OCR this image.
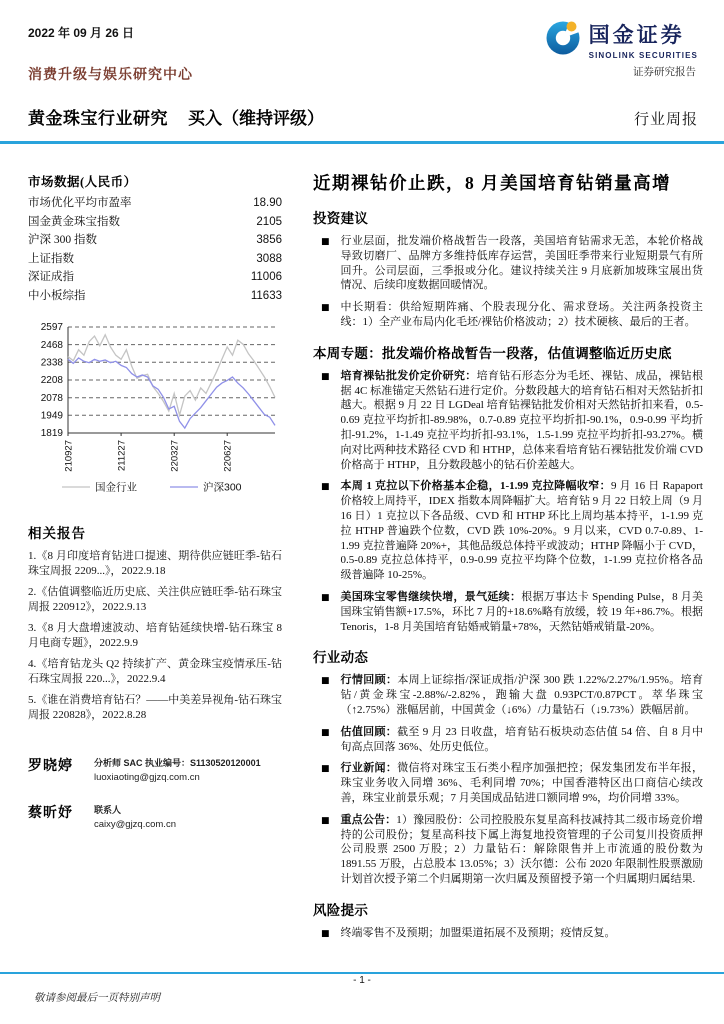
2022 年 09 月 26 日	国金证券
SINOLINK SECURITIES
证券研究报告
消费升级与娱乐研究中心
黄金珠宝行业研究 买入（维持评级）	行业周报
市场数据(人民币）
市场优化平均市盈率	18.90
国金黄金珠宝指数	2105
沪深 300 指数	3856
上证指数	3088
深证成指	11006
中小板综指	11633
2597
2468
2338
2208
2078
1949
1819
210927	211227	220327	220627
国金行业	沪深300
相关报告
1.《8 月印度培育钻进口提速、期待供应链旺季-钻石珠宝周报 2209...》，2022.9.18
2.《估值调整临近历史底、关注供应链旺季-钻石珠宝周报 220912》，2022.9.13
3.《8 月大盘增速波动、培育钻延续快增-钻石珠宝 8 月电商专题》，2022.9.9
4.《培育钻龙头 Q2 持续扩产、黄金珠宝疫情承压-钻石珠宝周报 220...》，2022.9.4
5.《谁在消费培育钻石？——中美差异视角-钻石珠宝周报 220828》，2022.8.28
罗晓婷	分析师 SAC 执业编号：S1130520120001
luoxiaoting@gjzq.com.cn
蔡昕妤	联系人
caixy@gjzq.com.cn
近期裸钻价止跌，8 月美国培育钻销量高增
投资建议
■ 行业层面，批发端价格战暂告一段落，美国培育钻需求无恙，本轮价格战导致切磨厂、品牌方多维持低库存运营，美国旺季带来行业短期景气有所回升。公司层面，三季报或分化。建议持续关注 9 月底新加坡珠宝展出货情况、后续印度数据回暖情况。

■ 中长期看：供给短期阵痛、个股表现分化、需求登场。关注两条投资主线：1）全产业布局内化毛坯/裸钻价格波动；2）技术硬核、最后的王者。

本周专题：批发端价格战暂告一段落，估值调整临近历史底
■ 培育裸钻批发价定价研究：培育钻石形态分为毛坯、裸钻、成品，裸钻根据 4C 标准锚定天然钻石进行定价。分数段越大的培育钻石相对天然钻折扣越大。根据 9 月 22 日 LGDeal 培育钻裸钻批发价相对天然钻折扣来看，0.5-0.69 克拉平均折扣-89.98%，0.7-0.89 克拉平均折扣-90.1%，0.9-0.99 平均折扣-91.2%，1-1.49 克拉平均折扣-93.1%，1.5-1.99 克拉平均折扣-93.27%。横向对比两种技术路径 CVD 和 HTHP，总体来看培育钻石裸钻批发价端 CVD 价格高于 HTHP，且分数段越小的钻石价差越大。

■ 本周 1 克拉以下价格基本企稳，1-1.99 克拉降幅收窄：9 月 16 日 Rapaport 价格较上周持平，IDEX 指数本周降幅扩大。培育钻 9 月 22 日较上周（9 月 16 日）1 克拉以下各品级、CVD 和 HTHP 环比上周均基本持平，1-1.99 克拉 HTHP 普遍跌个位数，CVD 跌 10%-20%。9 月以来，CVD 0.7-0.89、1-1.99 克拉普遍降 20%+，其他品级总体持平或波动；HTHP 降幅小于 CVD，0.5-0.89 克拉总体持平，0.9-0.99 克拉平均降个位数，1-1.99 克拉价格各品级普遍降 10-25%。

■ 美国珠宝零售继续快增，景气延续：根据万事达卡 Spending Pulse，8 月美国珠宝销售额+17.5%，环比 7 月的+18.6%略有放缓，较 19 年+86.7%。根据 Tenoris，1-8 月美国培育钻婚戒销量+78%，天然钻婚戒销量-20%。

行业动态
■ 行情回顾：本周上证综指/深证成指/沪深 300 跌 1.22%/2.27%/1.95%。培育钻/黄金珠宝-2.88%/-2.82%，跑输大盘 0.93PCT/0.87PCT。萃华珠宝（↑2.75%）涨幅居前，中国黄金（↓6%）/力量钻石（↓9.73%）跌幅居前。

■ 估值回顾：截至 9 月 23 日收盘，培育钻石板块动态估值 54 倍、自 8 月中旬高点回落 36%、处历史低位。

■ 行业新闻：微信将对珠宝玉石类小程序加强把控；保发集团发布半年报，珠宝业务收入同增 36%、毛利同增 70%；中国香港特区出口商信心续改善，珠宝业前景乐观；7 月美国成品钻进口额同增 9%，均价同增 33%。

■ 重点公告：1）豫园股份：公司控股股东复星高科技减持其二级市场竞价增持的公司股份；复星高科技下属上海复地投资管理的子公司复川投资质押公司股票 2500 万股；2）力量钻石：解除限售并上市流通的股份数为 1891.55 万股，占总股本 13.05%；3）沃尔德：公布 2020 年限制性股票激励计划首次授予第二个归属期第一次归属及预留授予第一个归属期归属结果.

风险提示
■ 终端零售不及预期；加盟渠道拓展不及预期；疫情反复。

- 1 -
敬请参阅最后一页特别声明
